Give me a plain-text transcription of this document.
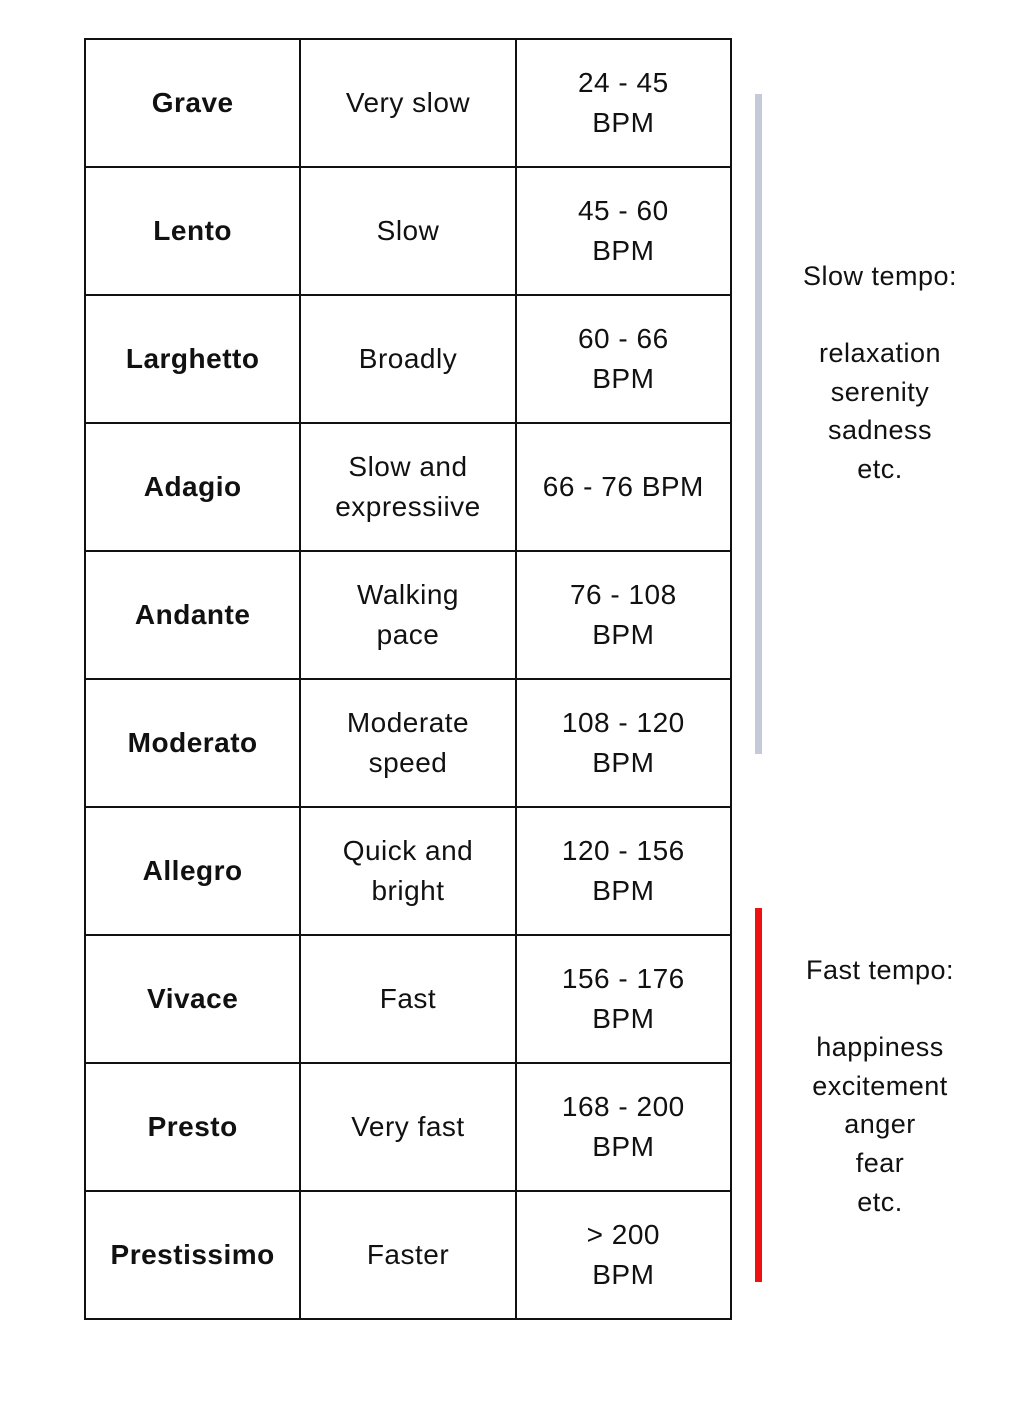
Grave	Very slow	24 - 45 BPM
Lento	Slow	45 - 60 BPM
Larghetto	Broadly	60 - 66 BPM
Adagio	Slow and expressiive	66 - 76 BPM
Andante	Walking pace	76 - 108 BPM
Moderato	Moderate speed	108 - 120 BPM
Allegro	Quick and bright	120 - 156 BPM
Vivace	Fast	156 - 176 BPM
Presto	Very fast	168 - 200 BPM
Prestissimo	Faster	> 200 BPM
Slow tempo:
relaxation
serenity
sadness
etc.
Fast tempo:
happiness
excitement
anger
fear
etc.
